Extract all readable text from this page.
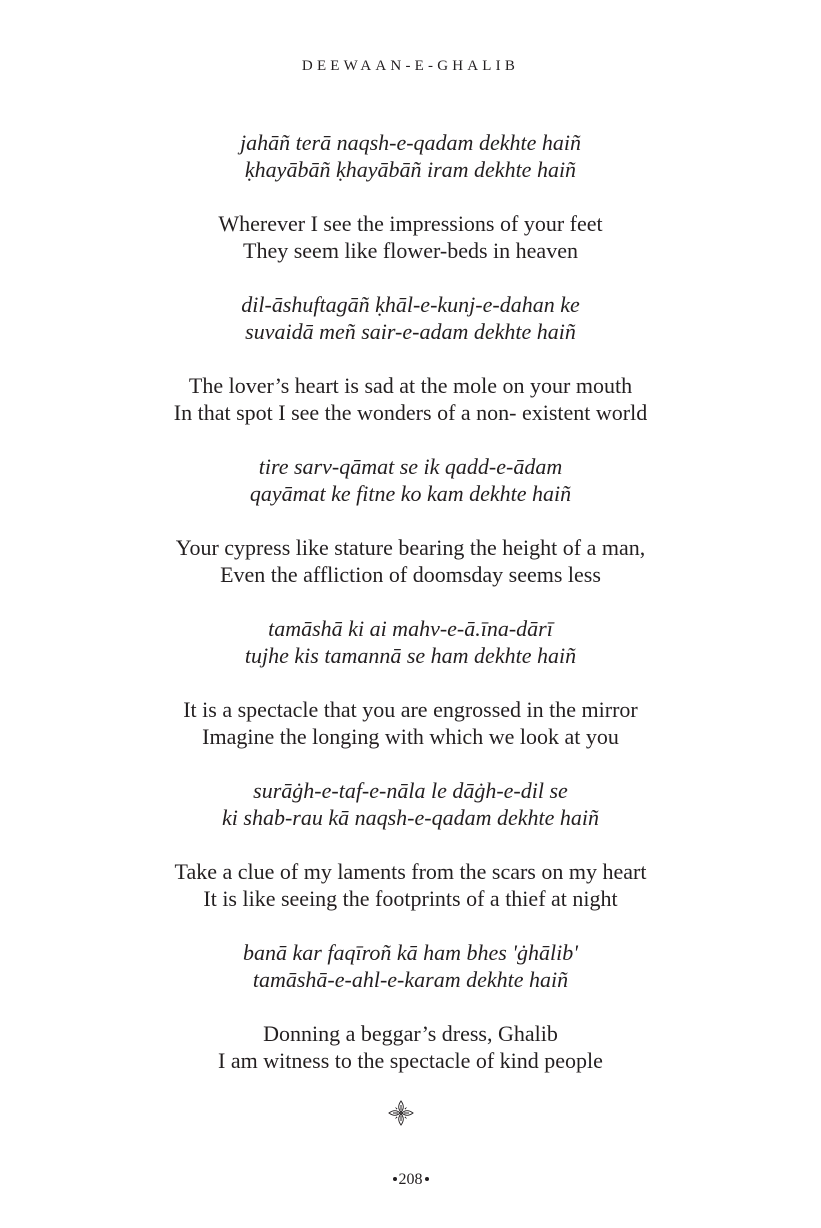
DEEWAAN-E-GHALIB
jahāñ terā naqsh-e-qadam dekhte haiñ
ḳhayābāñ ḳhayābāñ iram dekhte haiñ
Wherever I see the impressions of your feet
They seem like flower-beds in heaven
dil-āshuftagāñ ḳhāl-e-kunj-e-dahan ke
suvaidā meñ sair-e-adam dekhte haiñ
The lover’s heart is sad at the mole on your mouth
In that spot I see the wonders of a non- existent world
tire sarv-qāmat se ik qadd-e-ādam
qayāmat ke fitne ko kam dekhte haiñ
Your cypress like stature bearing the height of a man,
Even the affliction of doomsday seems less
tamāshā ki ai mahv-e-ā.īna-dārī
tujhe kis tamannā se ham dekhte haiñ
It is a spectacle that you are engrossed in the mirror
Imagine the longing with which we look at you
surāġh-e-taf-e-nāla le dāġh-e-dil se
ki shab-rau kā naqsh-e-qadam dekhte haiñ
Take a clue of my laments from the scars on my heart
It is like seeing the footprints of a thief at night
banā kar faqīroñ kā ham bhes 'ġhālib'
tamāshā-e-ahl-e-karam dekhte haiñ
Donning a beggar’s dress, Ghalib
I am witness to the spectacle of kind people
208
